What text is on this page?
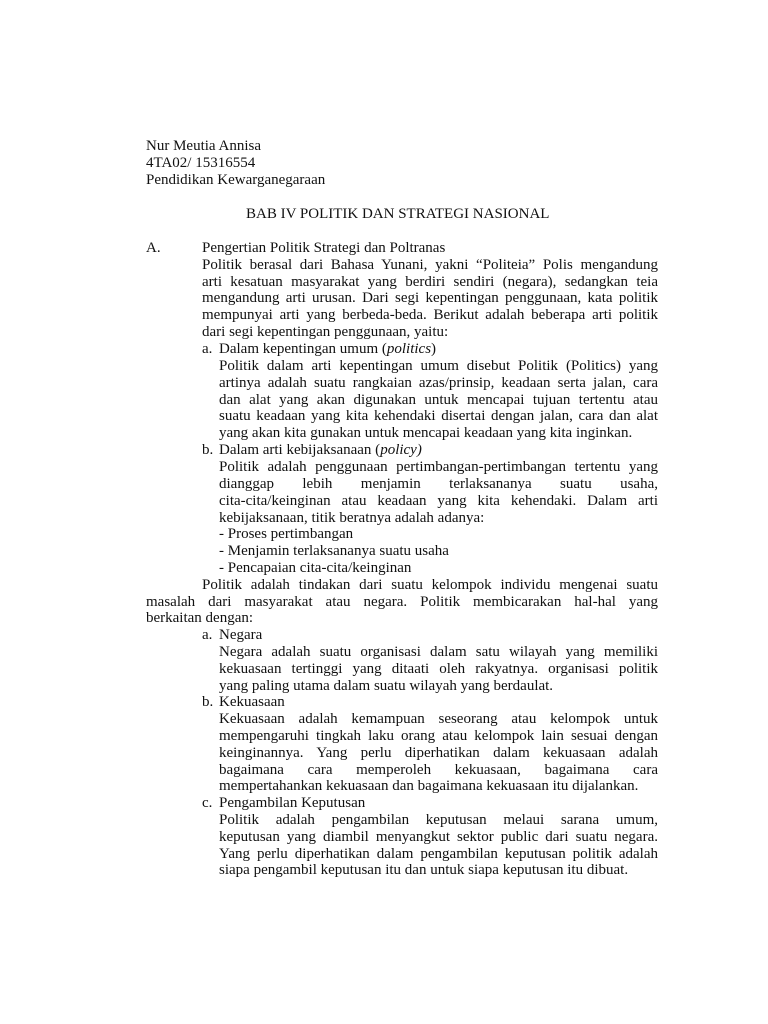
Nur Meutia Annisa
4TA02/ 15316554
Pendidikan Kewarganegaraan
BAB IV POLITIK DAN STRATEGI NASIONAL
A.	Pengertian Politik Strategi dan Poltranas
Politik berasal dari Bahasa Yunani, yakni “Politeia” Polis mengandung
arti kesatuan masyarakat yang berdiri sendiri (negara), sedangkan teia
mengandung arti urusan. Dari segi kepentingan penggunaan, kata politik
mempunyai arti yang berbeda-beda. Berikut adalah beberapa arti politik
dari segi kepentingan penggunaan, yaitu:
a. Dalam kepentingan umum (politics)
Politik dalam arti kepentingan umum disebut Politik (Politics) yang
artinya adalah suatu rangkaian azas/prinsip, keadaan serta jalan, cara
dan alat yang akan digunakan untuk mencapai tujuan tertentu atau
suatu keadaan yang kita kehendaki disertai dengan jalan, cara dan alat
yang akan kita gunakan untuk mencapai keadaan yang kita inginkan.
b. Dalam arti kebijaksanaan (policy)
Politik adalah penggunaan pertimbangan-pertimbangan tertentu yang
dianggap lebih menjamin terlaksananya suatu usaha,
cita-cita/keinginan atau keadaan yang kita kehendaki. Dalam arti
kebijaksanaan, titik beratnya adalah adanya:
- Proses pertimbangan
- Menjamin terlaksananya suatu usaha
- Pencapaian cita-cita/keinginan
Politik adalah tindakan dari suatu kelompok individu mengenai suatu
masalah dari masyarakat atau negara. Politik membicarakan hal-hal yang
berkaitan dengan:
a. Negara
Negara adalah suatu organisasi dalam satu wilayah yang memiliki
kekuasaan tertinggi yang ditaati oleh rakyatnya. organisasi politik
yang paling utama dalam suatu wilayah yang berdaulat.
b. Kekuasaan
Kekuasaan adalah kemampuan seseorang atau kelompok untuk
mempengaruhi tingkah laku orang atau kelompok lain sesuai dengan
keinginannya. Yang perlu diperhatikan dalam kekuasaan adalah
bagaimana cara memperoleh kekuasaan, bagaimana cara
mempertahankan kekuasaan dan bagaimana kekuasaan itu dijalankan.
c. Pengambilan Keputusan
Politik adalah pengambilan keputusan melaui sarana umum,
keputusan yang diambil menyangkut sektor public dari suatu negara.
Yang perlu diperhatikan dalam pengambilan keputusan politik adalah
siapa pengambil keputusan itu dan untuk siapa keputusan itu dibuat.
